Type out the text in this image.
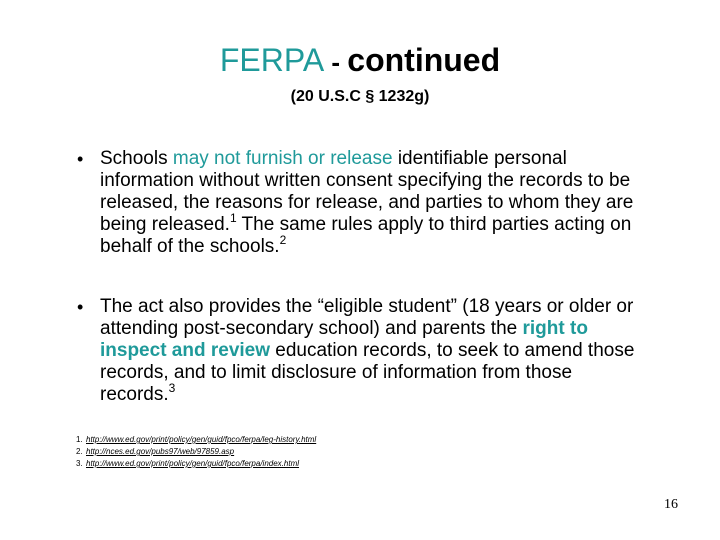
FERPA - continued
(20 U.S.C § 1232g)
• Schools may not furnish or release identifiable personal information without written consent specifying the records to be released, the reasons for release, and parties to whom they are being released.$^1$ The same rules apply to third parties acting on behalf of the schools.$^2$
• The act also provides the “eligible student” (18 years or older or attending post-secondary school) and parents the right to inspect and review education records, to seek to amend those records, and to limit disclosure of information from those records.$^3$
1. http://www.ed.gov/print/policy/gen/guid/fpco/ferpa/leg-history.html
2. http://nces.ed.gov/pubs97/web/97859.asp
3. http://www.ed.gov/print/policy/gen/guid/fpco/ferpa/index.html
16
